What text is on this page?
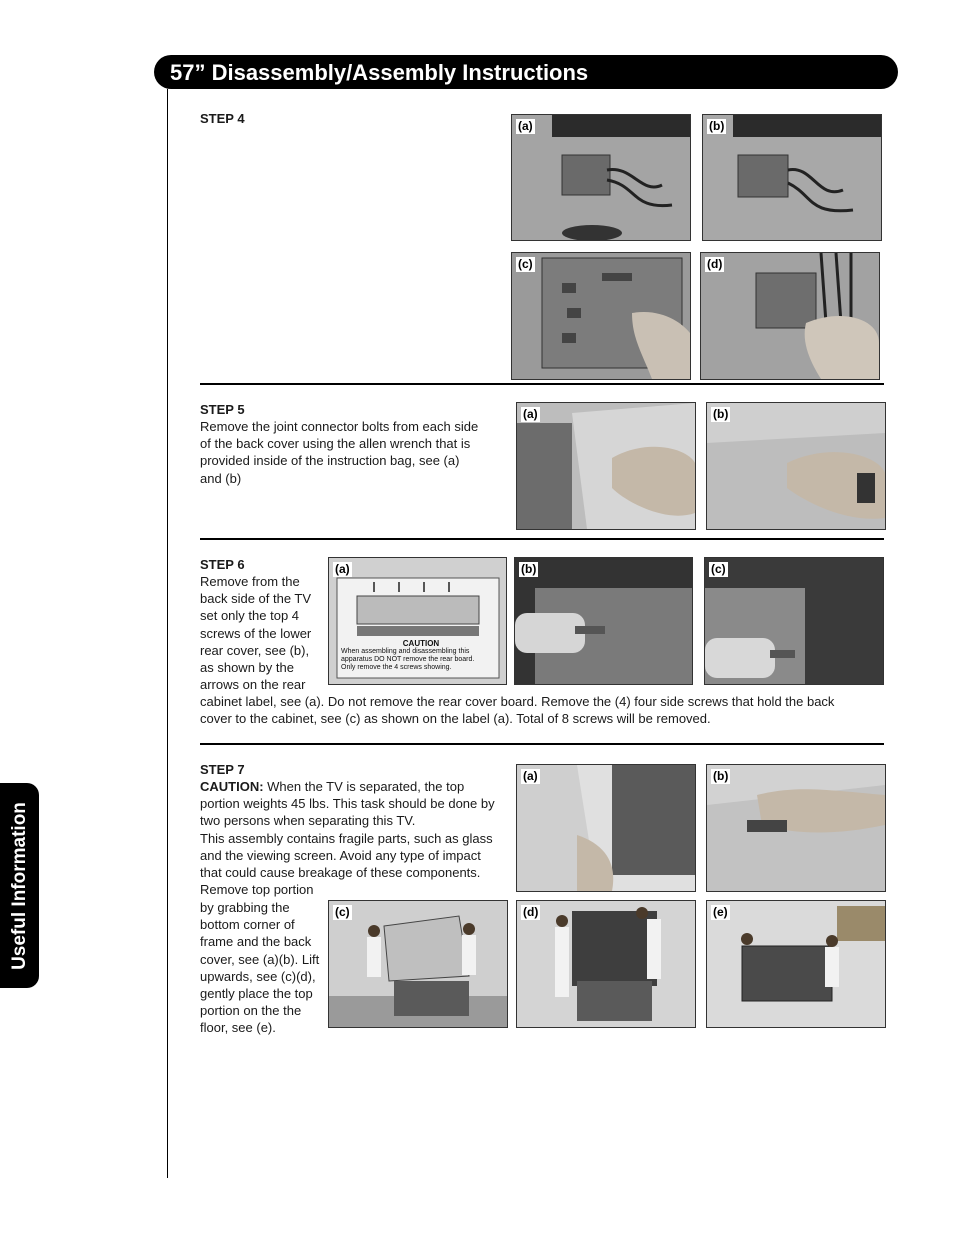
57” Disassembly/Assembly Instructions
Useful Information
STEP 4	(a)	(b)
(c)	(d)
STEP 5
Remove the joint connector bolts from each side
of the back cover using the allen wrench that is
provided inside of the instruction bag, see (a)
and (b)
(a)	(b)
STEP 6
Remove from the
back side of the TV
set only the top 4
screws of the lower
rear cover, see (b),
as shown by the
arrows on the rear
cabinet label, see (a). Do not remove the rear cover board. Remove the (4) four side screws that hold the back
cover to the cabinet, see (c) as shown on the label (a). Total of 8 screws will be removed.
(a)
CAUTION
When assembling and disassembling this
apparatus DO NOT remove the rear board.
Only remove the 4 screws showing.
(b)	(c)
STEP 7
CAUTION: When the TV is separated, the top
portion weights 45 lbs. This task should be done by
two persons when separating this TV.
This assembly contains fragile parts, such as glass
and the viewing screen. Avoid any type of impact
that could cause breakage of these components.
Remove top portion
by grabbing the
bottom corner of
frame and the back
cover, see (a)(b). Lift
upwards, see (c)(d),
gently place the top
portion on the the
floor, see (e).
(a)	(b)
(c)	(d)	(e)
